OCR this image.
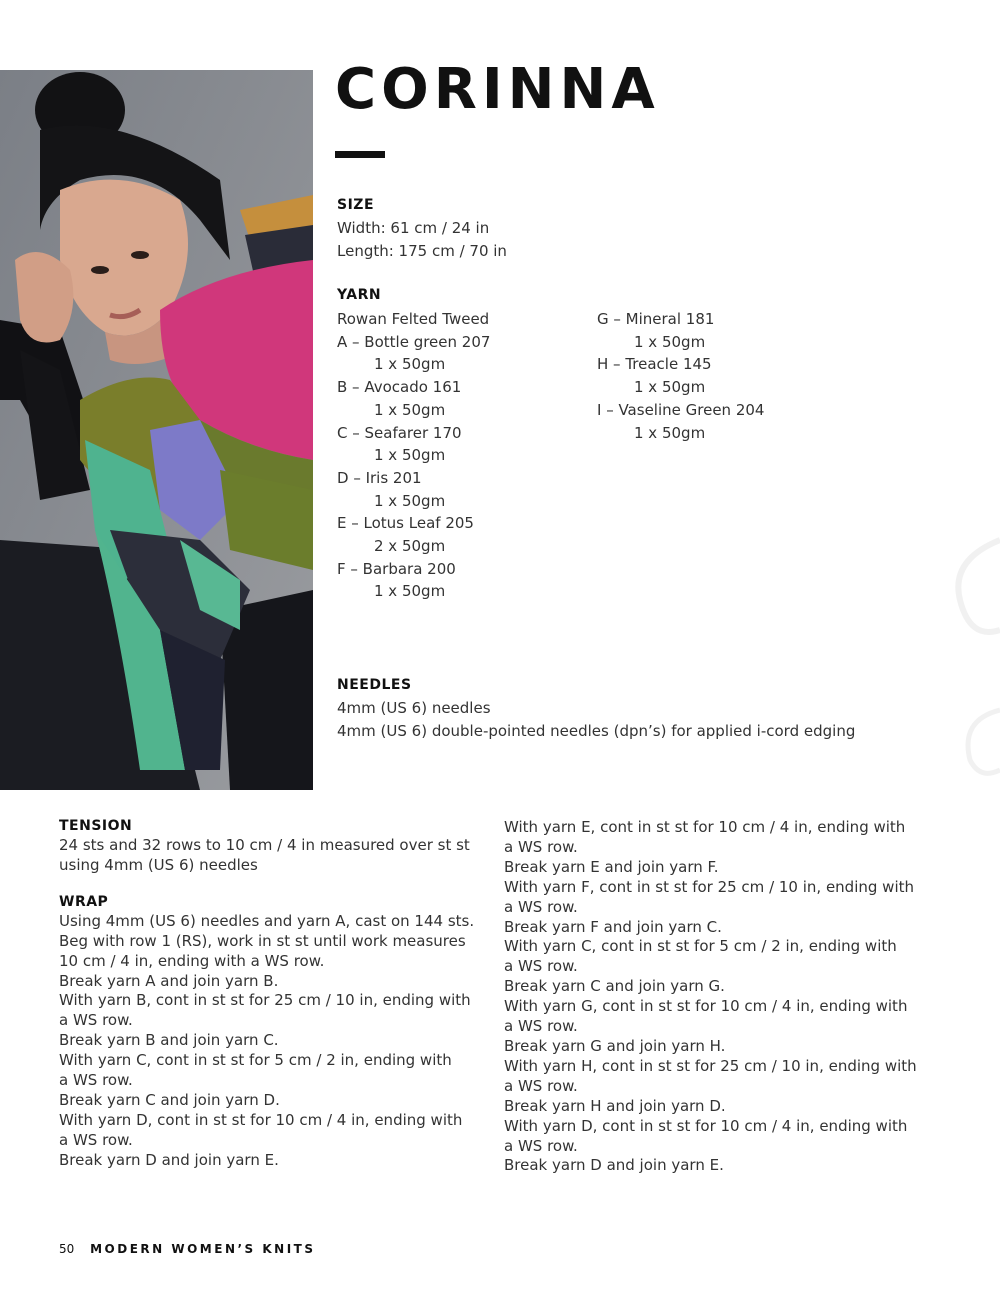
CORINNA
SIZE
Width: 61 cm / 24 in
Length: 175 cm / 70 in
YARN
Rowan Felted Tweed
A – Bottle green 207
1 x 50gm
B – Avocado 161
1 x 50gm
C – Seafarer 170
1 x 50gm
D – Iris 201
1 x 50gm
E – Lotus Leaf 205
2 x 50gm
F – Barbara 200
1 x 50gm
G – Mineral 181
1 x 50gm
H – Treacle 145
1 x 50gm
I – Vaseline Green 204
1 x 50gm
NEEDLES
4mm (US 6) needles
4mm (US 6) double-pointed needles (dpn’s) for applied i-cord edging
TENSION
24 sts and 32 rows to 10 cm / 4 in measured over st st
using 4mm (US 6) needles
WRAP
Using 4mm (US 6) needles and yarn A, cast on 144 sts.
Beg with row 1 (RS), work in st st until work measures
10 cm / 4 in, ending with a WS row.
Break yarn A and join yarn B.
With yarn B, cont in st st for 25 cm / 10 in, ending with
a WS row.
Break yarn B and join yarn C.
With yarn C, cont in st st for 5 cm / 2 in, ending with
a WS row.
Break yarn C and join yarn D.
With yarn D, cont in st st for 10 cm / 4 in, ending with
a WS row.
Break yarn D and join yarn E.
With yarn E, cont in st st for 10 cm / 4 in, ending with
a WS row.
Break yarn E and join yarn F.
With yarn F, cont in st st for 25 cm / 10 in, ending with
a WS row.
Break yarn F and join yarn C.
With yarn C, cont in st st for 5 cm / 2 in, ending with
a WS row.
Break yarn C and join yarn G.
With yarn G, cont in st st for 10 cm / 4 in, ending with
a WS row.
Break yarn G and join yarn H.
With yarn H, cont in st st for 25 cm / 10 in, ending with
a WS row.
Break yarn H and join yarn D.
With yarn D, cont in st st for 10 cm / 4 in, ending with
a WS row.
Break yarn D and join yarn E.
50 MODERN WOMEN’S KNITS
